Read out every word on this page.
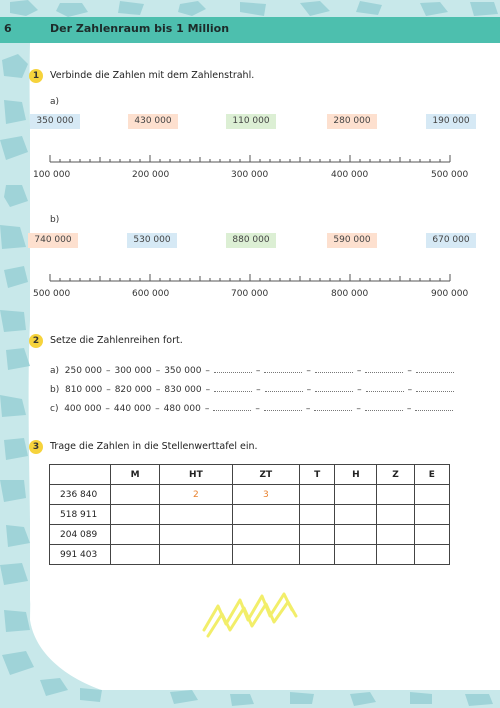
6	Der Zahlenraum bis 1 Million
1	Verbinde die Zahlen mit dem Zahlenstrahl.
a)
350 000	430 000	110 000	280 000	190 000
100 000	200 000	300 000	400 000	500 000
b)
740 000	530 000	880 000	590 000	670 000
500 000	600 000	700 000	800 000	900 000
2	Setze die Zahlenreihen fort.
a) 250 000 – 300 000 – 350 000 –	–	–	–	–
b) 810 000 – 820 000 – 830 000 –	–	–	–	–
c) 400 000 – 440 000 – 480 000 –	–	–	–	–
3	Trage die Zahlen in die Stellenwerttafel ein.
	M	HT	ZT	T	H	Z	E
236 840		2	3				
518 911							
204 089							
991 403							
